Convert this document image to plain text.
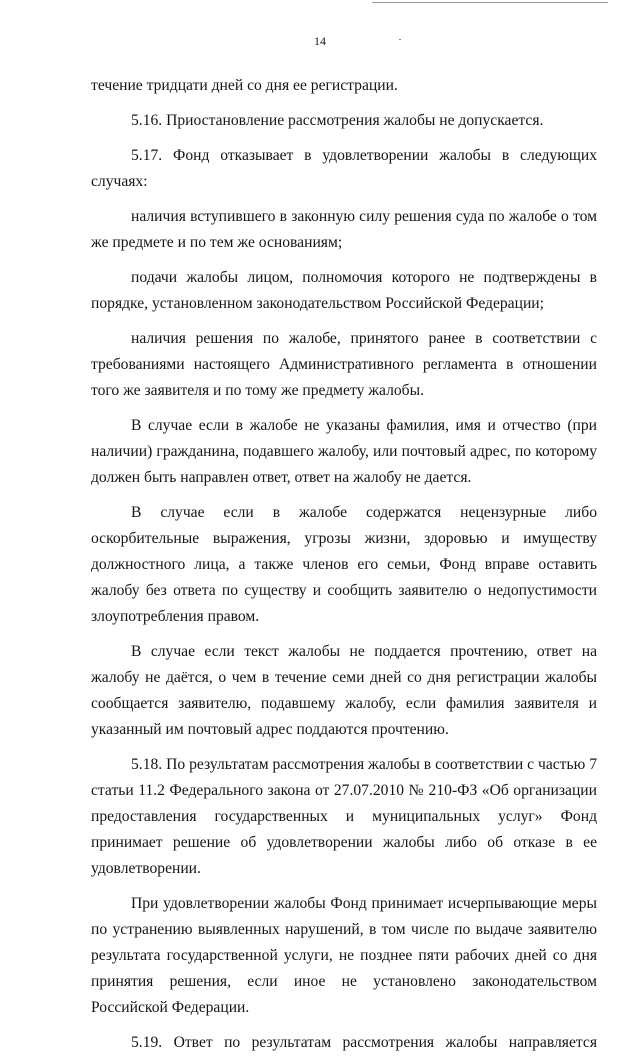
14

течение тридцати дней со дня ее регистрации.

5.16. Приостановление рассмотрения жалобы не допускается.

5.17. Фонд отказывает в удовлетворении жалобы в следующих случаях:

наличия вступившего в законную силу решения суда по жалобе о том же предмете и по тем же основаниям;

подачи жалобы лицом, полномочия которого не подтверждены в порядке, установленном законодательством Российской Федерации;

наличия решения по жалобе, принятого ранее в соответствии с требованиями настоящего Административного регламента в отношении того же заявителя и по тому же предмету жалобы.

В случае если в жалобе не указаны фамилия, имя и отчество (при наличии) гражданина, подавшего жалобу, или почтовый адрес, по которому должен быть направлен ответ, ответ на жалобу не дается.

В случае если в жалобе содержатся нецензурные либо оскорбительные выражения, угрозы жизни, здоровью и имуществу должностного лица, а также членов его семьи, Фонд вправе оставить жалобу без ответа по существу и сообщить заявителю о недопустимости злоупотребления правом.

В случае если текст жалобы не поддается прочтению, ответ на жалобу не даётся, о чем в течение семи дней со дня регистрации жалобы сообщается заявителю, подавшему жалобу, если фамилия заявителя и указанный им почтовый адрес поддаются прочтению.

5.18. По результатам рассмотрения жалобы в соответствии с частью 7 статьи 11.2 Федерального закона от 27.07.2010 № 210-ФЗ «Об организации предоставления государственных и муниципальных услуг» Фонд принимает решение об удовлетворении жалобы либо об отказе в ее удовлетворении.

При удовлетворении жалобы Фонд принимает исчерпывающие меры по устранению выявленных нарушений, в том числе по выдаче заявителю результата государственной услуги, не позднее пяти рабочих дней со дня принятия решения, если иное не установлено законодательством Российской Федерации.

5.19. Ответ по результатам рассмотрения жалобы направляется
